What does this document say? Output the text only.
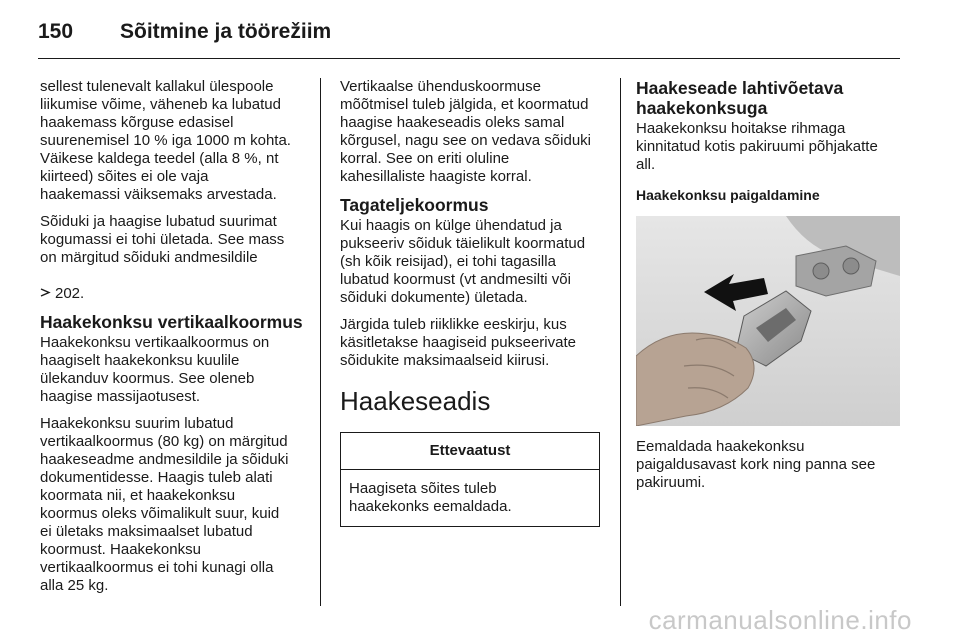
150 Sõitmine ja töörežiim

sellest tulenevalt kallakul ülespoole
liikumise võime, väheneb ka lubatud
haakemass kõrguse edasisel
suurenemisel 10 % iga 1000 m kohta.
Väikese kaldega teedel (alla 8 %, nt
kiirteed) sõites ei ole vaja
haakemassi väiksemaks arvestada.

Sõiduki ja haagise lubatud suurimat
kogumassi ei tohi ületada. See mass
on märgitud sõiduki andmesildile

202.

Haakekonksu vertikaalkoormus

Haakekonksu vertikaalkoormus on
haagiselt haakekonksu kuulile
ülekanduv koormus. See oleneb
haagise massijaotusest.

Haakekonksu suurim lubatud
vertikaalkoormus (80 kg) on märgitud
haakeseadme andmesildile ja sõiduki
dokumentidesse. Haagis tuleb alati
koormata nii, et haakekonksu
koormus oleks võimalikult suur, kuid
ei ületaks maksimaalset lubatud
koormust. Haakekonksu
vertikaalkoormus ei tohi kunagi olla
alla 25 kg.

Vertikaalse ühenduskoormuse
mõõtmisel tuleb jälgida, et koormatud
haagise haakeseadis oleks samal
kõrgusel, nagu see on vedava sõiduki
korral. See on eriti oluline
kahesillaliste haagiste korral.

Tagateljekoormus

Kui haagis on külge ühendatud ja
pukseeriv sõiduk täielikult koormatud
(sh kõik reisijad), ei tohi tagasilla
lubatud koormust (vt andmesilti või
sõiduki dokumente) ületada.

Järgida tuleb riiklikke eeskirju, kus
käsitletakse haagiseid pukseerivate
sõidukite maksimaalseid kiirusi.

Haakeseadis
Ettevaatust
Haagiseta sõites tuleb
haakekonks eemaldada.
Haakeseade lahtivõetava
haakekonksuga

Haakekonksu hoitakse rihmaga
kinnitatud kotis pakiruumi põhjakatte
all.

Haakekonksu paigaldamine

Eemaldada haakekonksu
paigaldusavast kork ning panna see
pakiruumi.

carmanualsonline.info
